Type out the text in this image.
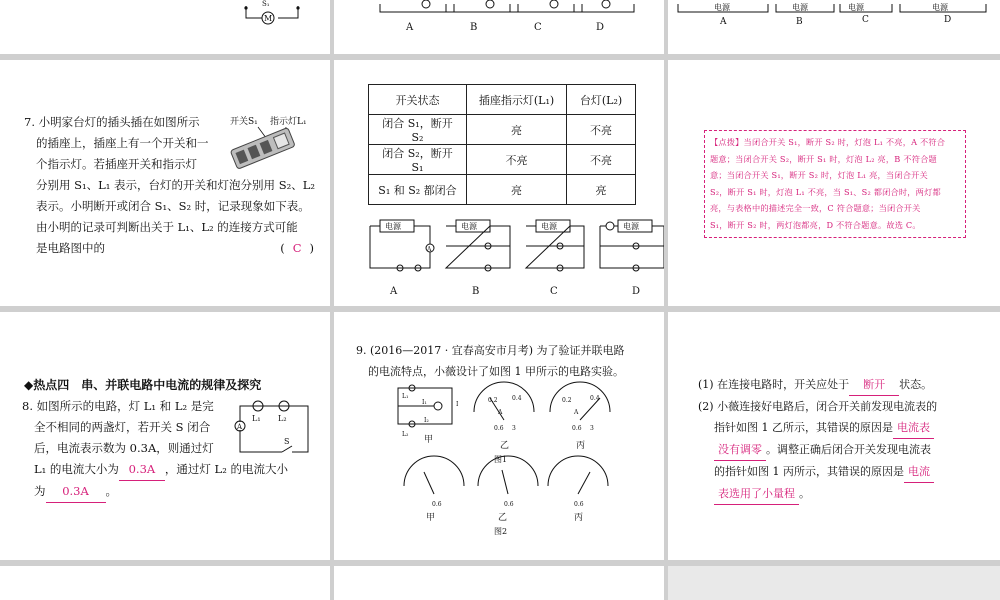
M
S₁
A	B	C	D
电源	电源	电源	电源
A	B	C	D
7. 小明家台灯的插头插在如图所示
的插座上，插座上有一个开关和一
个指示灯。若插座开关和指示灯
分别用 S₁、L₁ 表示，台灯的开关和灯泡分别用 S₂、L₂
表示。小明断开或闭合 S₁、S₂ 时，记录现象如下表。
由小明的记录可判断出关于 L₁、L₂ 的连接方式可能
是电路图中的	( C )
开关S₁ 指示灯L₁
开关状态	插座指示灯(L₁)	台灯(L₂)
闭合 S₁，断开 S₂	亮	不亮
闭合 S₂，断开 S₁	不亮	不亮
S₁ 和 S₂ 都闭合	亮	亮
电源
A
A
电源
B
电源
C
电源
D
【点拨】当闭合开关 S₁，断开 S₂ 时，灯泡 L₁ 不亮，A 不符合
题意；当闭合开关 S₂，断开 S₁ 时，灯泡 L₂ 亮，B 不符合题
意；当闭合开关 S₁，断开 S₂ 时，灯泡 L₁ 亮，当闭合开关
S₂，断开 S₁ 时，灯泡 L₁ 不亮，当 S₁、S₂ 都闭合时，两灯都
亮，与表格中的描述完全一致，C 符合题意；当闭合开关
S₁，断开 S₂ 时，两灯泡都亮，D 不符合题意。故选 C。
◆热点四　串、并联电路中电流的规律及探究
8. 如图所示的电路，灯 L₁ 和 L₂ 是完
全不相同的两盏灯，若开关 S 闭合
后，电流表示数为 0.3A，则通过灯
L₁ 的电流大小为 0.3A ，通过灯 L₂ 的电流大小
为 0.3A 。
A
L₁ L₂
S
9. (2016—2017 · 宜春高安市月考) 为了验证并联电路
的电流特点，小薇设计了如图 1 甲所示的电路实验。
L₁
L₂
I₁
I₂
I
甲
0.2 0.4
A
0.6 3
乙
0.2	0.4
A
0.6 3
丙
图1
0.6
甲
0.6
乙
0.6
丙
图2
(1) 在连接电路时，开关应处于 断开 状态。
(2) 小薇连接好电路后，闭合开关前发现电流表的
指针如图 1 乙所示，其错误的原因是 电流表
没有调零 。调整正确后闭合开关发现电流表
的指针如图 1 丙所示，其错误的原因是 电流
表选用了小量程 。
